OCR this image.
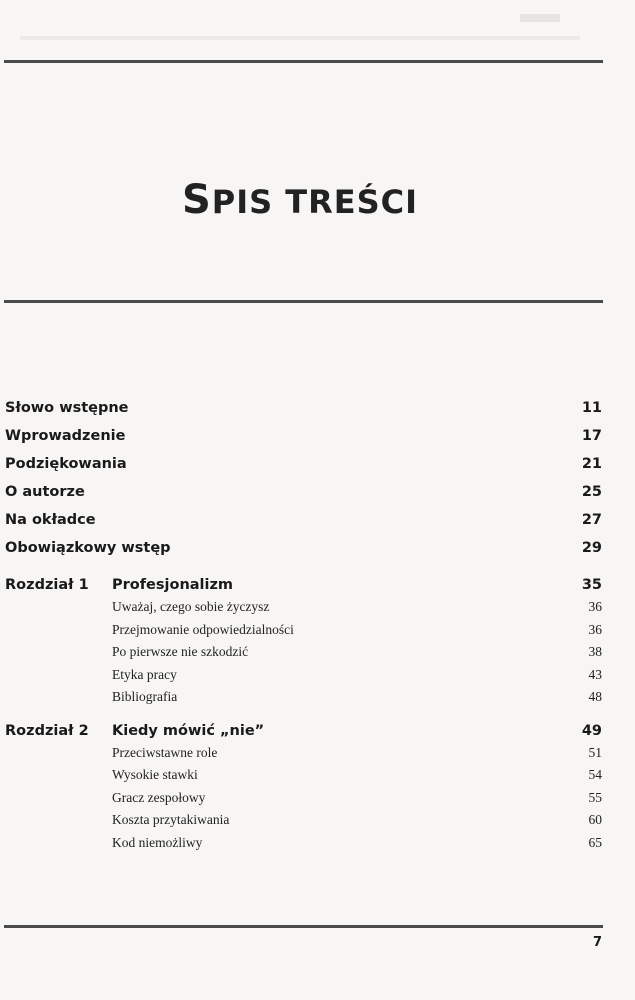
SPIS TREŚCI
Słowo wstępne	11
Wprowadzenie	17
Podziękowania	21
O autorze	25
Na okładce	27
Obowiązkowy wstęp	29
Rozdział 1 Profesjonalizm	35
Uważaj, czego sobie życzysz	36
Przejmowanie odpowiedzialności	36
Po pierwsze nie szkodzić	38
Etyka pracy	43
Bibliografia	48
Rozdział 2 Kiedy mówić „nie”	49
Przeciwstawne role	51
Wysokie stawki	54
Gracz zespołowy	55
Koszta przytakiwania	60
Kod niemożliwy	65
7
